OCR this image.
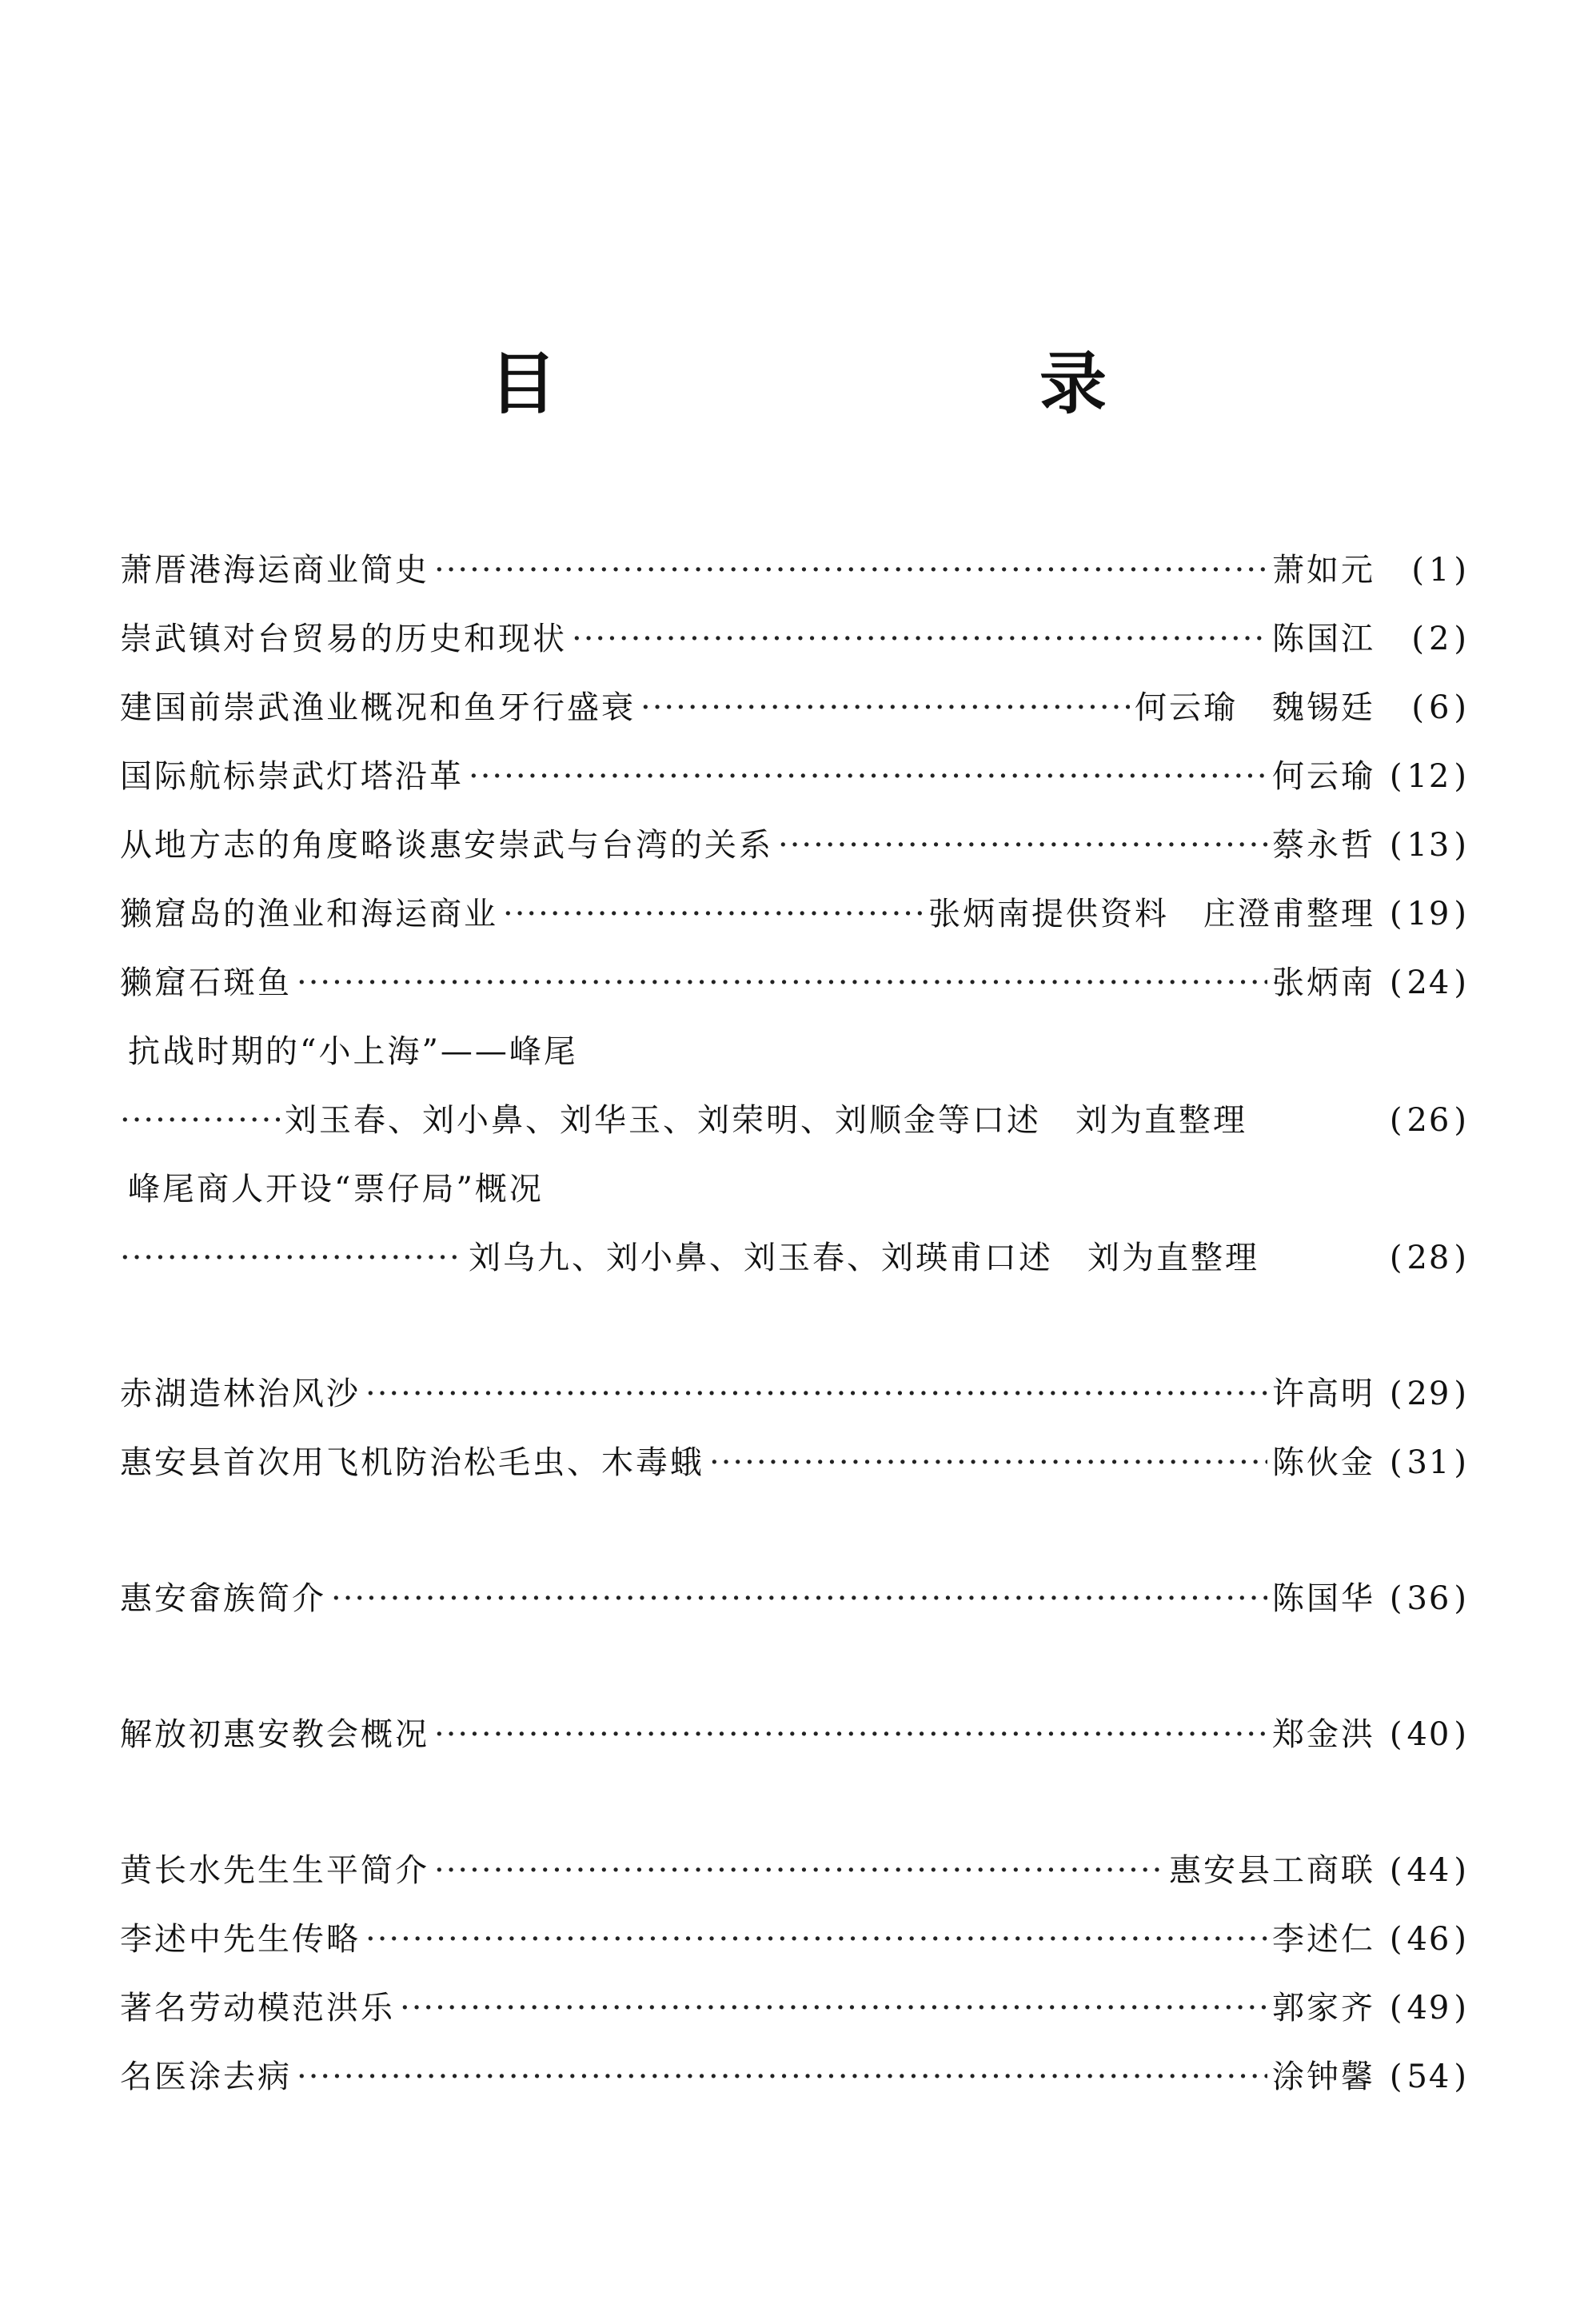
目　录
萧厝港海运商业简史 ·····	萧如元	( 1 )
崇武镇对台贸易的历史和现状 ·····	陈国江	( 2 )
建国前崇武渔业概况和鱼牙行盛衰 ·····	何云瑜　魏锡廷	( 6 )
国际航标崇武灯塔沿革 ·····	何云瑜 ( 12 )
从地方志的角度略谈惠安崇武与台湾的关系 ·····	蔡永哲 ( 13 )
獭窟岛的渔业和海运商业 ·····	张炳南提供资料　庄澄甫整理 ( 19 )
獭窟石斑鱼 ·····	张炳南 ( 24 )
抗战时期的“小上海”——峰尾
·····
刘玉春、刘小鼻、刘华玉、刘荣明、刘顺金等口述　刘为直整理	( 26 )
峰尾商人开设“票仔局”概况
·····
刘乌九、刘小鼻、刘玉春、刘瑛甫口述　刘为直整理	( 28 )
赤湖造林治风沙 ·····	许高明 ( 29 )
惠安县首次用飞机防治松毛虫、木毒蛾 ·····	陈伙金 ( 31 )
惠安畲族简介 ·····	陈国华 ( 36 )
解放初惠安教会概况 ·····	郑金洪 ( 40 )
黄长水先生生平简介 ·····	惠安县工商联 ( 44 )
李述中先生传略 ·····	李述仁 ( 46 )
著名劳动模范洪乐 ·····	郭家齐 ( 49 )
名医涂去病 ·····	涂钟馨 ( 54 )
